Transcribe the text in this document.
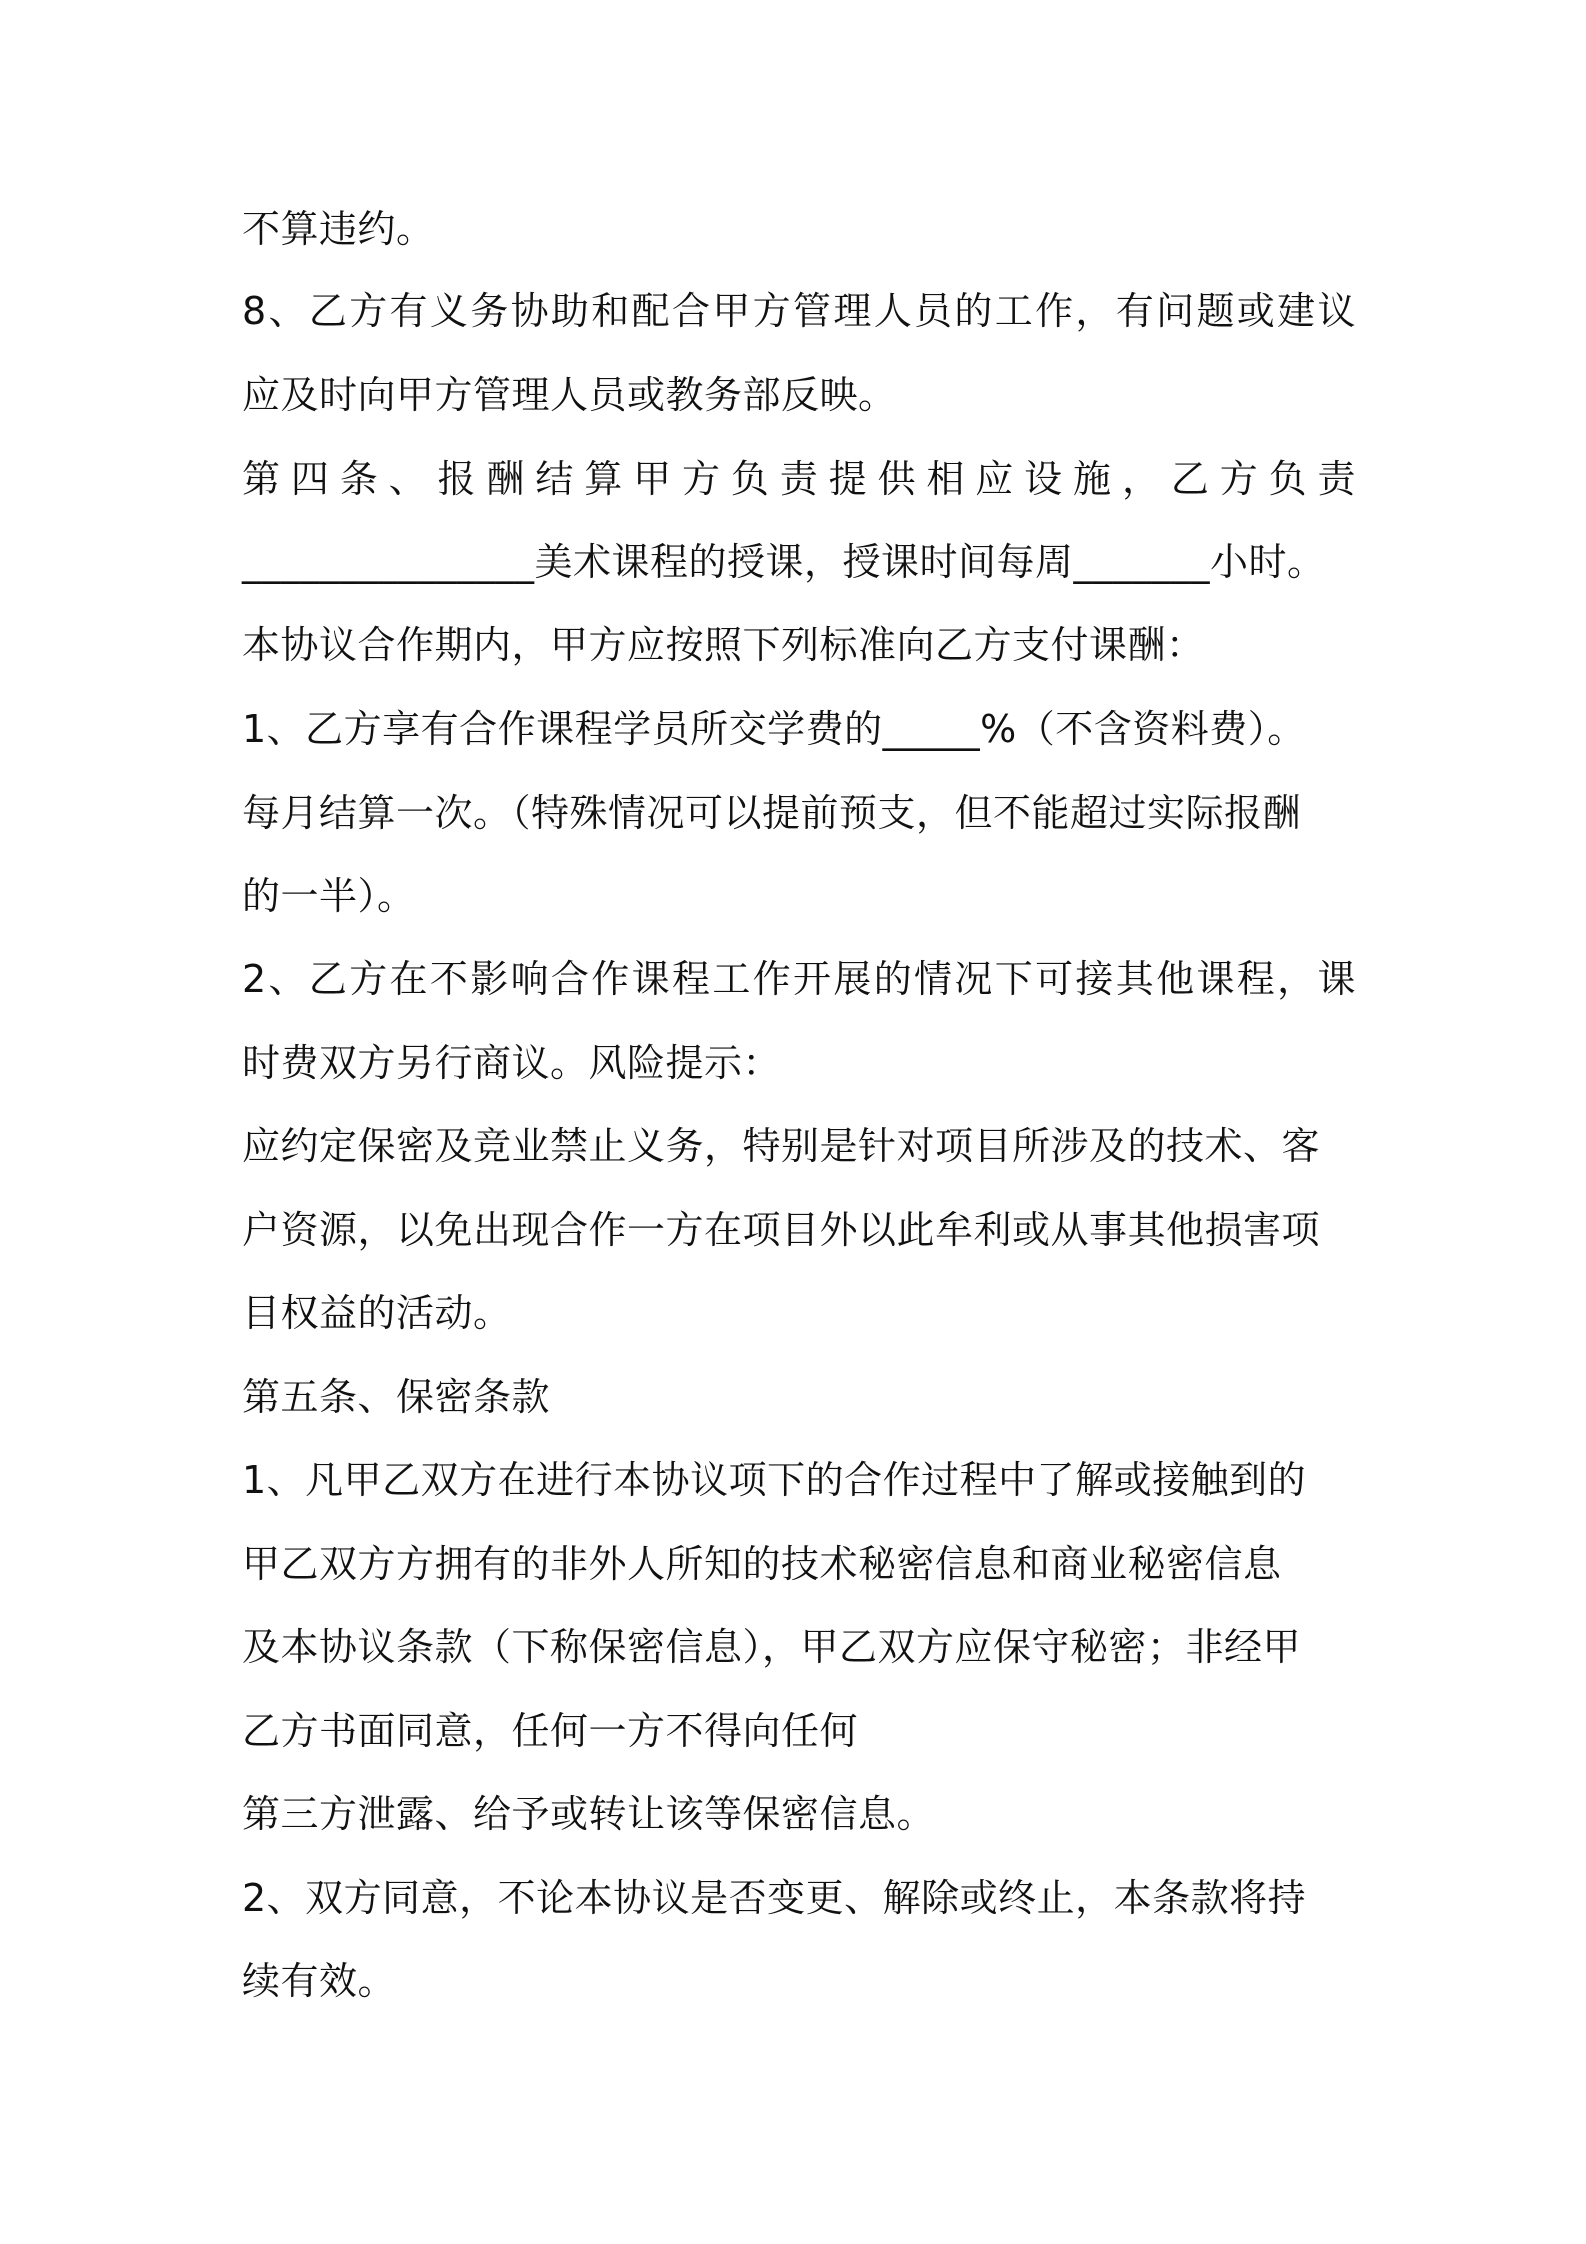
不算违约。
8、乙方有义务协助和配合甲方管理人员的工作，有问题或建议
应及时向甲方管理人员或教务部反映。
第四条、报酬结算甲方负责提供相应设施，乙方负责
_______________美术课程的授课，授课时间每周_______小时。
本协议合作期内，甲方应按照下列标准向乙方支付课酬：
1、乙方享有合作课程学员所交学费的_____%（不含资料费）。
每月结算一次。（特殊情况可以提前预支，但不能超过实际报酬
的一半）。
2、乙方在不影响合作课程工作开展的情况下可接其他课程，课
时费双方另行商议。风险提示：
应约定保密及竞业禁止义务，特别是针对项目所涉及的技术、客
户资源，以免出现合作一方在项目外以此牟利或从事其他损害项
目权益的活动。
第五条、保密条款
1、凡甲乙双方在进行本协议项下的合作过程中了解或接触到的
甲乙双方方拥有的非外人所知的技术秘密信息和商业秘密信息
及本协议条款（下称保密信息），甲乙双方应保守秘密；非经甲
乙方书面同意，任何一方不得向任何
第三方泄露、给予或转让该等保密信息。
2、双方同意，不论本协议是否变更、解除或终止，本条款将持
续有效。
